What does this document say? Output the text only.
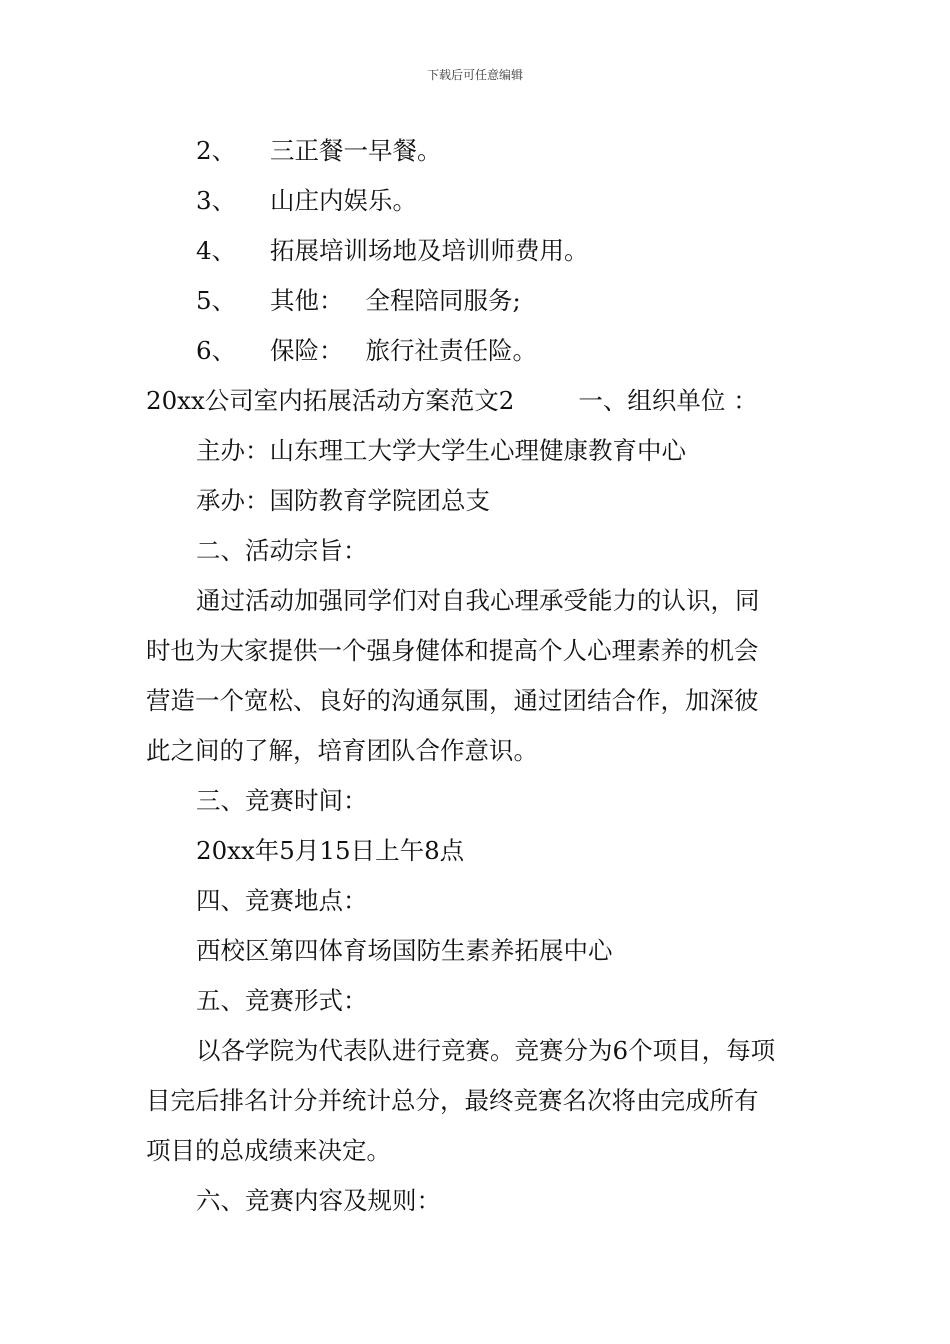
下载后可任意编辑
2、 三正餐一早餐。
3、 山庄内娱乐。
4、 拓展培训场地及培训师费用。
5、 其他： 全程陪同服务;
6、 保险： 旅行社责任险。
20xx公司室内拓展活动方案范文2	一、组织单位 ：
主办：山东理工大学大学生心理健康教育中心
承办：国防教育学院团总支
二、活动宗旨：
通过活动加强同学们对自我心理承受能力的认识，同
时也为大家提供一个强身健体和提高个人心理素养的机会
营造一个宽松、良好的沟通氛围，通过团结合作，加深彼
此之间的了解，培育团队合作意识。
三、竞赛时间：
20xx年5月15日上午8点
四、竞赛地点：
西校区第四体育场国防生素养拓展中心
五、竞赛形式：
以各学院为代表队进行竞赛。竞赛分为6个项目，每项
目完后排名计分并统计总分，最终竞赛名次将由完成所有
项目的总成绩来决定。
六、竞赛内容及规则：
